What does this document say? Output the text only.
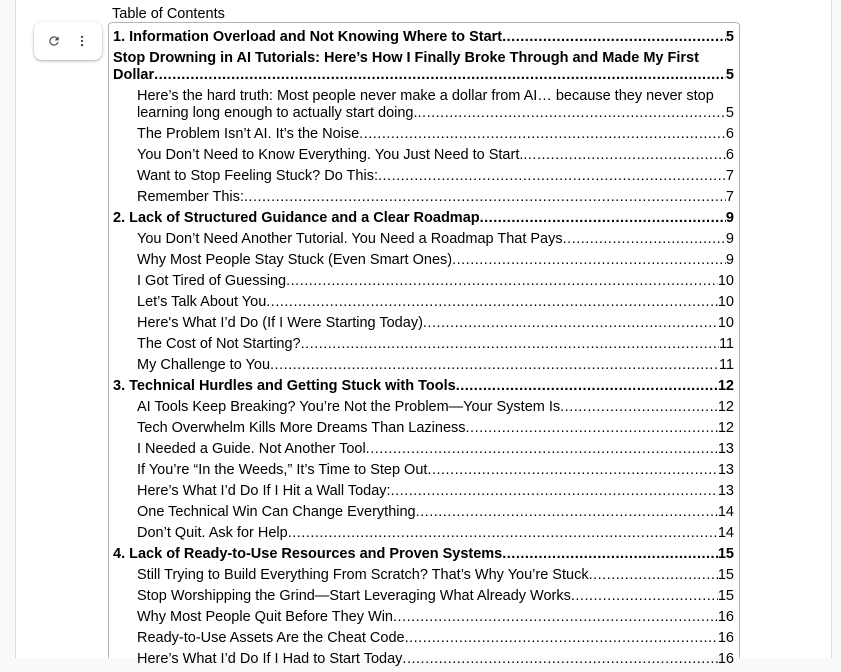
Table of Contents
1. Information Overload and Not Knowing Where to Start .....	5
Stop Drowning in AI Tutorials: Here’s How I Finally Broke Through and Made My First
Dollar .....	5
Here’s the hard truth: Most people never make a dollar from AI… because they never stop
learning long enough to actually start doing. .....	5
The Problem Isn’t AI. It’s the Noise .....	6
You Don’t Need to Know Everything. You Just Need to Start. .....	6
Want to Stop Feeling Stuck? Do This: .....	7
Remember This: .....	7
2. Lack of Structured Guidance and a Clear Roadmap .....	9
You Don’t Need Another Tutorial. You Need a Roadmap That Pays .....	9
Why Most People Stay Stuck (Even Smart Ones) .....	9
I Got Tired of Guessing .....	10
Let’s Talk About You .....	10
Here's What I’d Do (If I Were Starting Today) .....	10
The Cost of Not Starting? .....	11
My Challenge to You .....	11
3. Technical Hurdles and Getting Stuck with Tools .....	12
AI Tools Keep Breaking? You’re Not the Problem—Your System Is .....	12
Tech Overwhelm Kills More Dreams Than Laziness .....	12
I Needed a Guide. Not Another Tool .....	13
If You’re “In the Weeds,” It’s Time to Step Out .....	13
Here’s What I’d Do If I Hit a Wall Today: .....	13
One Technical Win Can Change Everything .....	14
Don’t Quit. Ask for Help .....	14
4. Lack of Ready-to-Use Resources and Proven Systems .....	15
Still Trying to Build Everything From Scratch? That’s Why You’re Stuck .....	15
Stop Worshipping the Grind—Start Leveraging What Already Works .....	15
Why Most People Quit Before They Win .....	16
Ready-to-Use Assets Are the Cheat Code .....	16
Here’s What I’d Do If I Had to Start Today .....	16
